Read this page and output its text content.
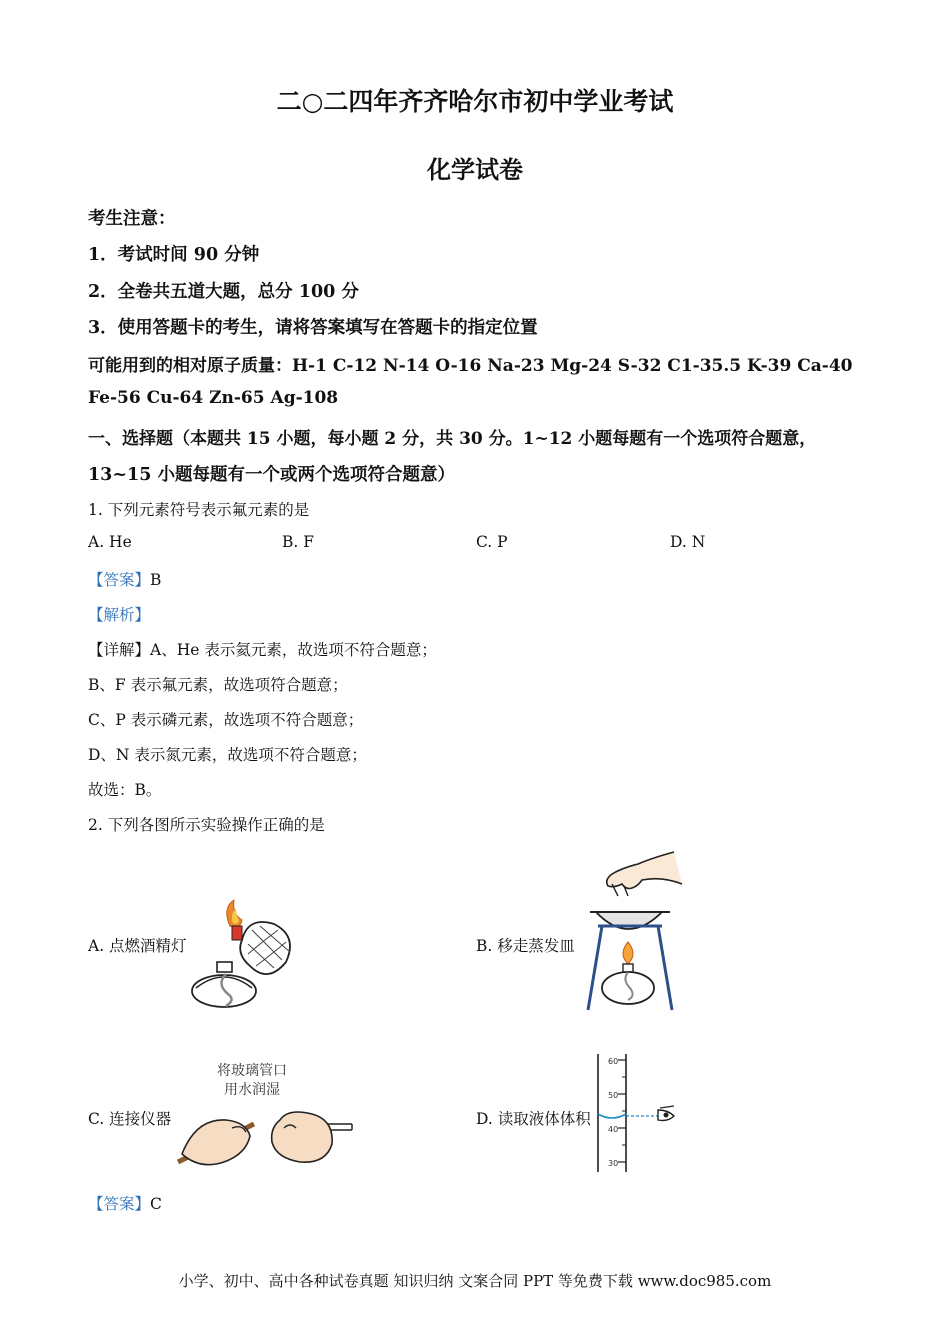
二○二四年齐齐哈尔市初中学业考试
化学试卷
考生注意：
1．考试时间 90 分钟
2．全卷共五道大题，总分 100 分
3．使用答题卡的考生，请将答案填写在答题卡的指定位置
可能用到的相对原子质量：H-1 C-12 N-14 O-16 Na-23 Mg-24 S-32 C1-35.5 K-39 Ca-40
Fe-56 Cu-64 Zn-65 Ag-108
一、选择题（本题共 15 小题，每小题 2 分，共 30 分。1~12 小题每题有一个选项符合题意，
13~15 小题每题有一个或两个选项符合题意）
1. 下列元素符号表示氟元素的是
A. He	B. F	C. P	D. N
【答案】B
【解析】
【详解】A、He 表示氦元素，故选项不符合题意；
B、F 表示氟元素，故选项符合题意；
C、P 表示磷元素，故选项不符合题意；
D、N 表示氮元素，故选项不符合题意；
故选：B。
2. 下列各图所示实验操作正确的是
A. 点燃酒精灯	B. 移走蒸发皿
C. 连接仪器	D. 读取液体体积
将玻璃管口
用水润湿
60
50
40
30
【答案】C
小学、初中、高中各种试卷真题 知识归纳 文案合同 PPT 等免费下载 www.doc985.com
